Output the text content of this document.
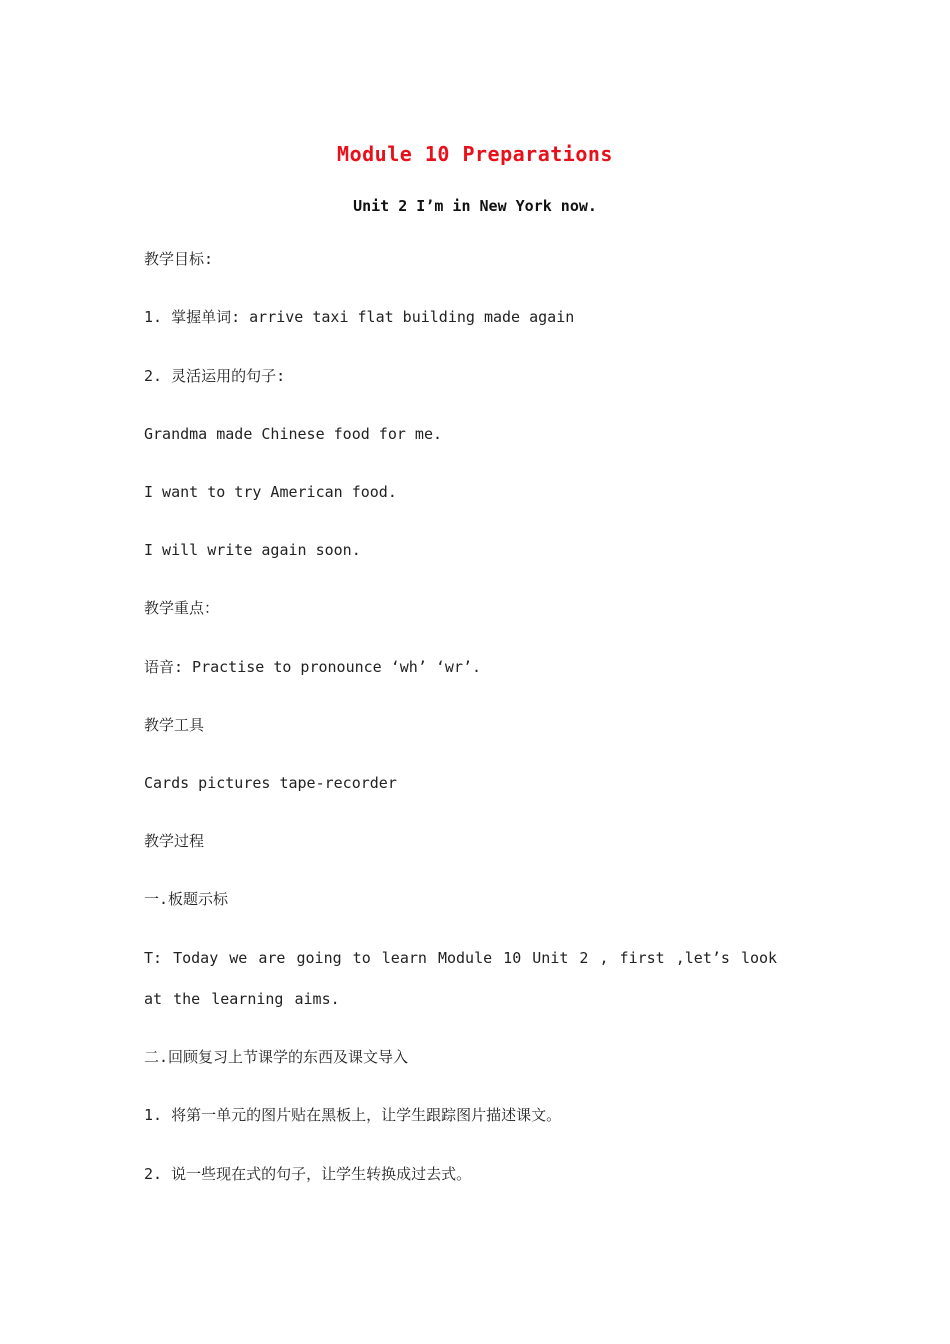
Module 10 Preparations
Unit 2 I’m in New York now.
教学目标:
1. 掌握单词: arrive taxi flat building made again
2. 灵活运用的句子:
Grandma made Chinese food for me.
I want to try American food.
I will write again soon.
教学重点：
语音: Practise to pronounce ‘wh’ ‘wr’.
教学工具
Cards pictures tape-recorder
教学过程
一.板题示标
T: Today we are going to learn Module 10 Unit 2 , first ,let’s look at the learning aims.
二.回顾复习上节课学的东西及课文导入
1. 将第一单元的图片贴在黑板上，让学生跟踪图片描述课文。
2. 说一些现在式的句子，让学生转换成过去式。
